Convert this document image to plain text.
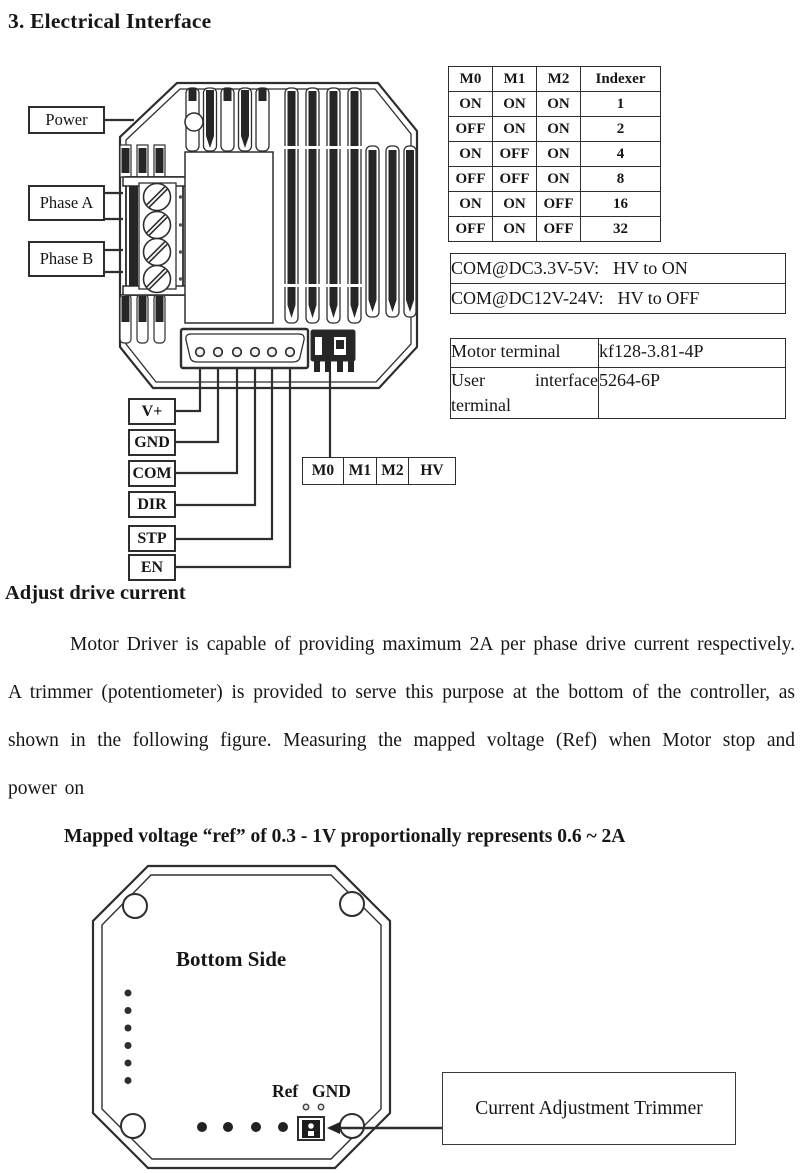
3. Electrical Interface
Power
Phase A
Phase B
M0	M1	M2	Indexer
ON	ON	ON	1
OFF	ON	ON	2
ON	OFF	ON	4
OFF	OFF	ON	8
ON	ON	OFF	16
OFF	ON	OFF	32
COM@DC3.3V-5V: HV to ON
COM@DC12V-24V: HV to OFF
Motor terminal	kf128-3.81-4P
User interface terminal	5264-6P
V+
GND
COM
DIR
STP
EN
M0	M1	M2	HV
Adjust drive current
Motor Driver is capable of providing maximum 2A per phase drive current respectively. A trimmer (potentiometer) is provided to serve this purpose at the bottom of the controller, as shown in the following figure. Measuring the mapped voltage (Ref) when Motor stop and power on
Mapped voltage “ref” of 0.3 - 1V proportionally represents 0.6 ~ 2A
Bottom Side
Ref GND
Current Adjustment Trimmer
